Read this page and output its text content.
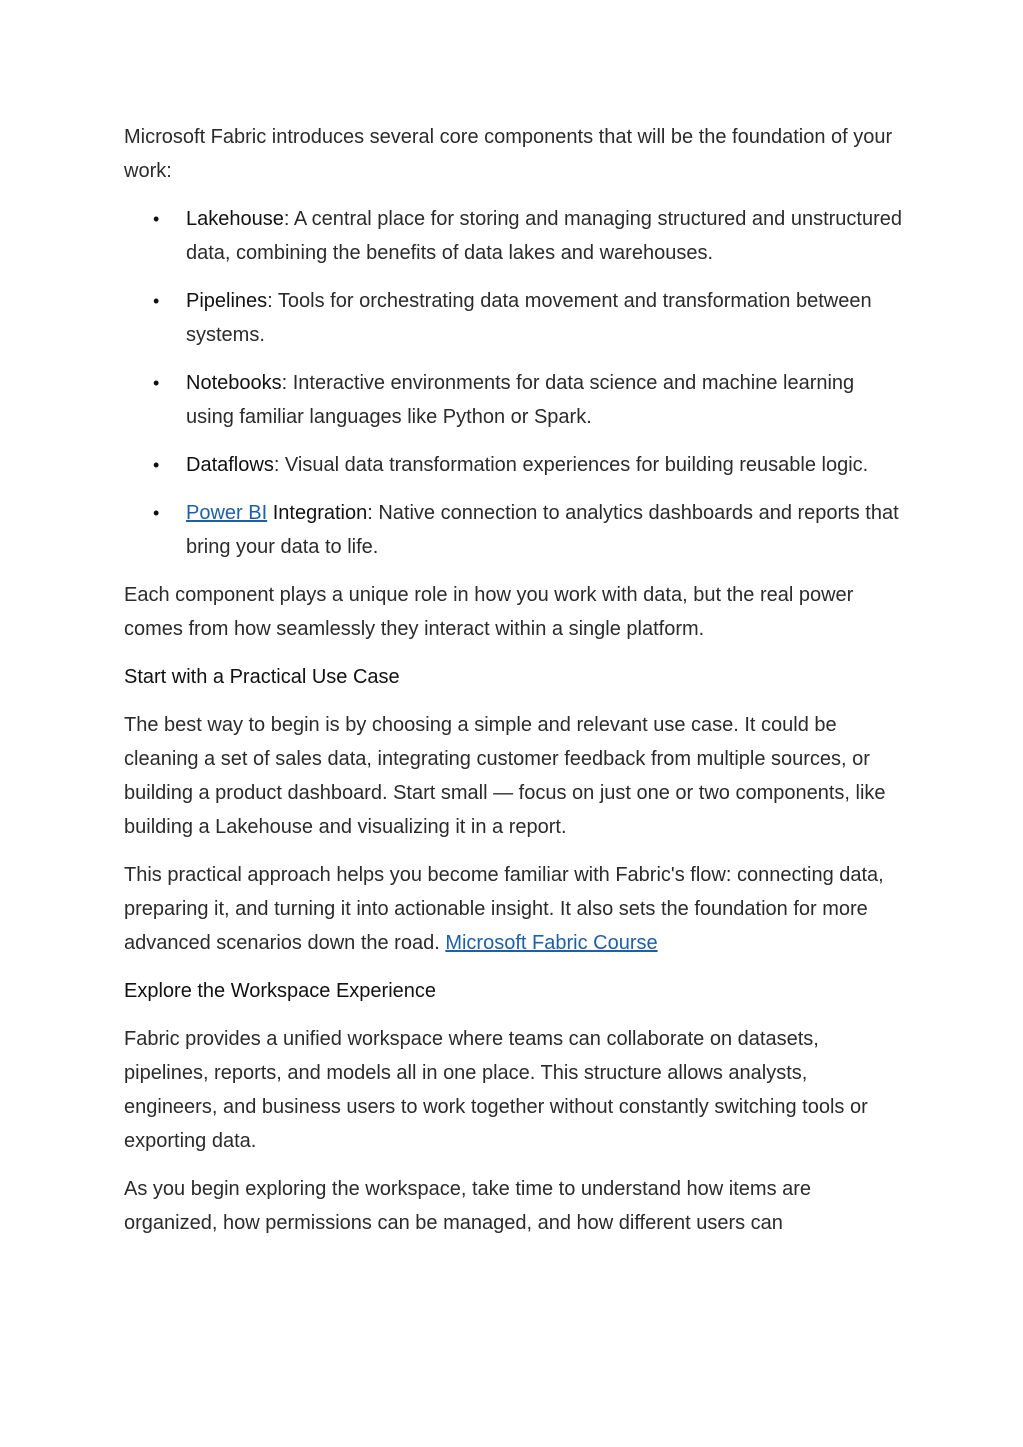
Microsoft Fabric introduces several core components that will be the foundation of your work:

• Lakehouse: A central place for storing and managing structured and unstructured data, combining the benefits of data lakes and warehouses.
• Pipelines: Tools for orchestrating data movement and transformation between systems.
• Notebooks: Interactive environments for data science and machine learning using familiar languages like Python or Spark.
• Dataflows: Visual data transformation experiences for building reusable logic.
• Power BI Integration: Native connection to analytics dashboards and reports that bring your data to life.

Each component plays a unique role in how you work with data, but the real power comes from how seamlessly they interact within a single platform.

Start with a Practical Use Case

The best way to begin is by choosing a simple and relevant use case. It could be cleaning a set of sales data, integrating customer feedback from multiple sources, or building a product dashboard. Start small — focus on just one or two components, like building a Lakehouse and visualizing it in a report.

This practical approach helps you become familiar with Fabric's flow: connecting data, preparing it, and turning it into actionable insight. It also sets the foundation for more advanced scenarios down the road. Microsoft Fabric Course

Explore the Workspace Experience

Fabric provides a unified workspace where teams can collaborate on datasets, pipelines, reports, and models all in one place. This structure allows analysts, engineers, and business users to work together without constantly switching tools or exporting data.

As you begin exploring the workspace, take time to understand how items are organized, how permissions can be managed, and how different users can
